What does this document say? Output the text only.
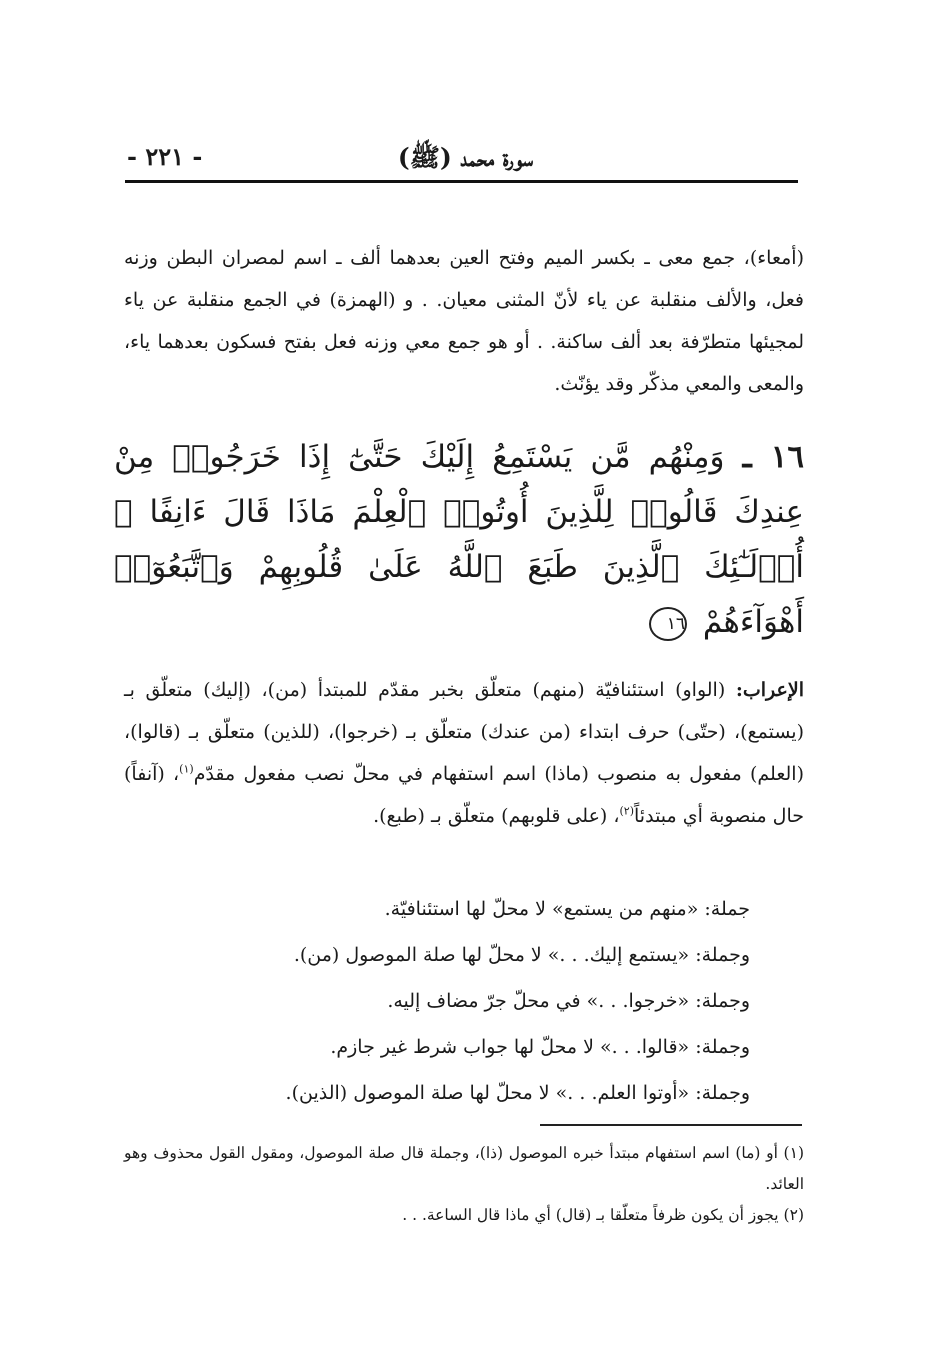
سورة محمد (ﷺ)
- ٢٢١ -

(أمعاء)، جمع معى ـ بكسر الميم وفتح العين بعدهما ألف ـ اسم لمصران البطن وزنه فعل، والألف منقلبة عن ياء لأنّ المثنى معيان. . و (الهمزة) في الجمع منقلبة عن ياء لمجيئها متطرّفة بعد ألف ساكنة. . أو هو جمع معي وزنه فعل بفتح فسكون بعدهما ياء، والمعى والمعي مذكّر وقد يؤنّث.

١٦ ـ وَمِنْهُم مَّن يَسْتَمِعُ إِلَيْكَ حَتَّىٰٓ إِذَا خَرَجُوا۟ مِنْ عِندِكَ قَالُوا۟ لِلَّذِينَ أُوتُوا۟ ٱلْعِلْمَ مَاذَا قَالَ ءَانِفًا ۚ أُو۟لَـٰٓئِكَ ٱلَّذِينَ طَبَعَ ٱللَّهُ عَلَىٰ قُلُوبِهِمْ وَٱتَّبَعُوٓا۟ أَهْوَآءَهُمْ ١٦

الإعراب: (الواو) استئنافيّة (منهم) متعلّق بخبر مقدّم للمبتدأ (من)، (إليك) متعلّق بـ (يستمع)، (حتّى) حرف ابتداء (من عندك) متعلّق بـ (خرجوا)، (للذين) متعلّق بـ (قالوا)، (العلم) مفعول به منصوب (ماذا) اسم استفهام في محلّ نصب مفعول مقدّم$^{(١)}$، (آنفاً) حال منصوبة أي مبتدئاً$^{(٢)}$، (على قلوبهم) متعلّق بـ (طبع).

جملة: «منهم من يستمع» لا محلّ لها استئنافيّة.
وجملة: «يستمع إليك. . .» لا محلّ لها صلة الموصول (من).
وجملة: «خرجوا. . .» في محلّ جرّ مضاف إليه.
وجملة: «قالوا. . .» لا محلّ لها جواب شرط غير جازم.
وجملة: «أوتوا العلم. . .» لا محلّ لها صلة الموصول (الذين).

(١) أو (ما) اسم استفهام مبتدأ خبره الموصول (ذا)، وجملة قال صلة الموصول، ومقول القول محذوف وهو العائد.

(٢) يجوز أن يكون ظرفاً متعلّقا بـ (قال) أي ماذا قال الساعة. . .
